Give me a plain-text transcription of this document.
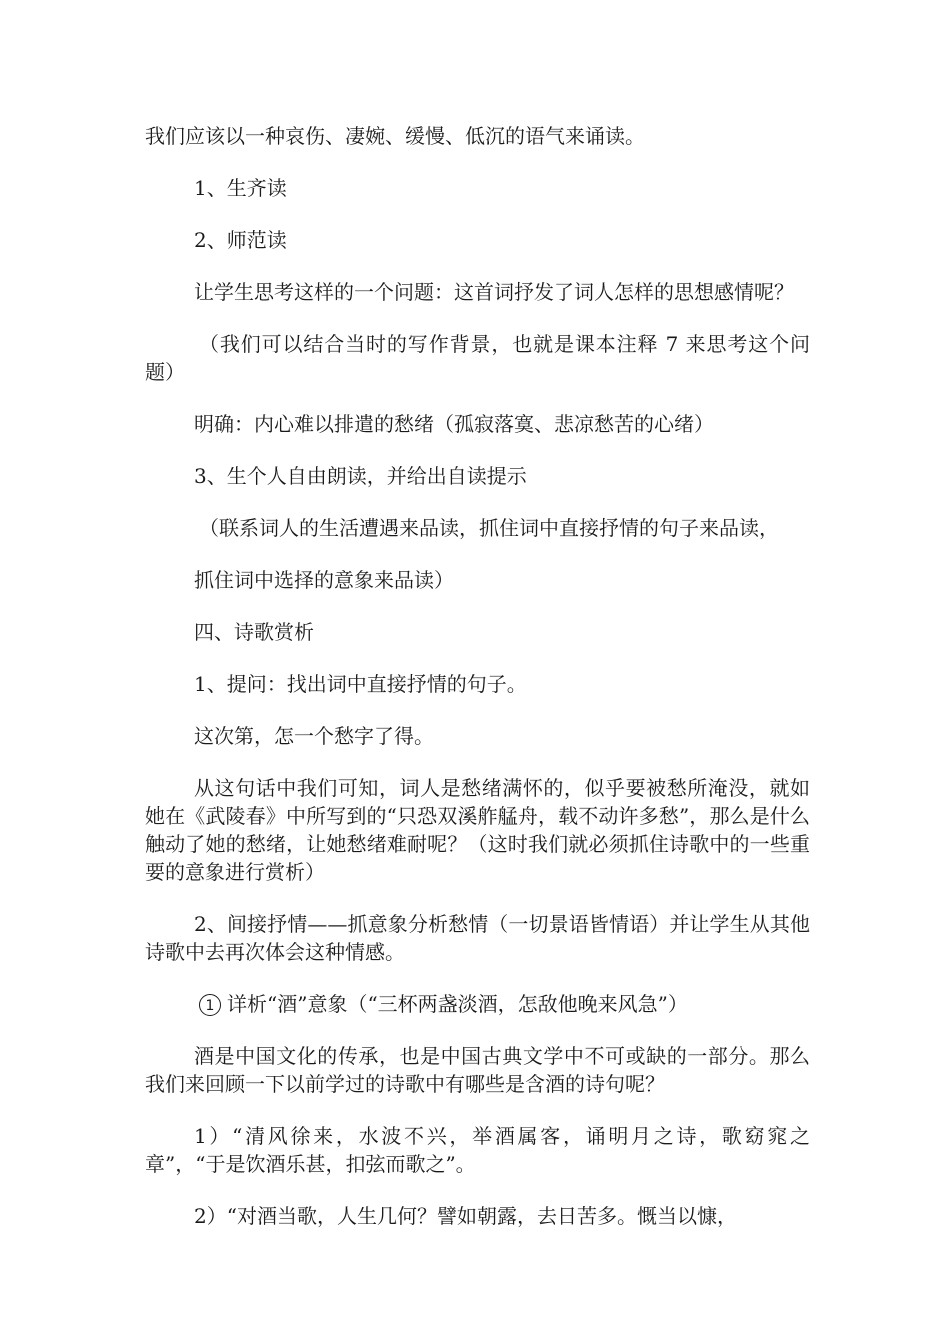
我们应该以一种哀伤、凄婉、缓慢、低沉的语气来诵读。

1、生齐读

2、师范读

让学生思考这样的一个问题：这首词抒发了词人怎样的思想感情呢？

（我们可以结合当时的写作背景，也就是课本注释 7 来思考这个问题）

明确：内心难以排遣的愁绪（孤寂落寞、悲凉愁苦的心绪）

3、生个人自由朗读，并给出自读提示

（联系词人的生活遭遇来品读，抓住词中直接抒情的句子来品读，

抓住词中选择的意象来品读）

四、诗歌赏析

1、提问：找出词中直接抒情的句子。

这次第，怎一个愁字了得。

从这句话中我们可知，词人是愁绪满怀的，似乎要被愁所淹没，就如她在《武陵春》中所写到的“只恐双溪舴艋舟，载不动许多愁”，那么是什么触动了她的愁绪，让她愁绪难耐呢？（这时我们就必须抓住诗歌中的一些重要的意象进行赏析）

2、间接抒情——抓意象分析愁情（一切景语皆情语）并让学生从其他诗歌中去再次体会这种情感。

1 详析“酒”意象（“三杯两盏淡酒，怎敌他晚来风急”）

酒是中国文化的传承，也是中国古典文学中不可或缺的一部分。那么我们来回顾一下以前学过的诗歌中有哪些是含酒的诗句呢？

1）“清风徐来，水波不兴，举酒属客，诵明月之诗，歌窈窕之章”，“于是饮酒乐甚，扣弦而歌之”。

2）“对酒当歌，人生几何？譬如朝露，去日苦多。慨当以慷，
